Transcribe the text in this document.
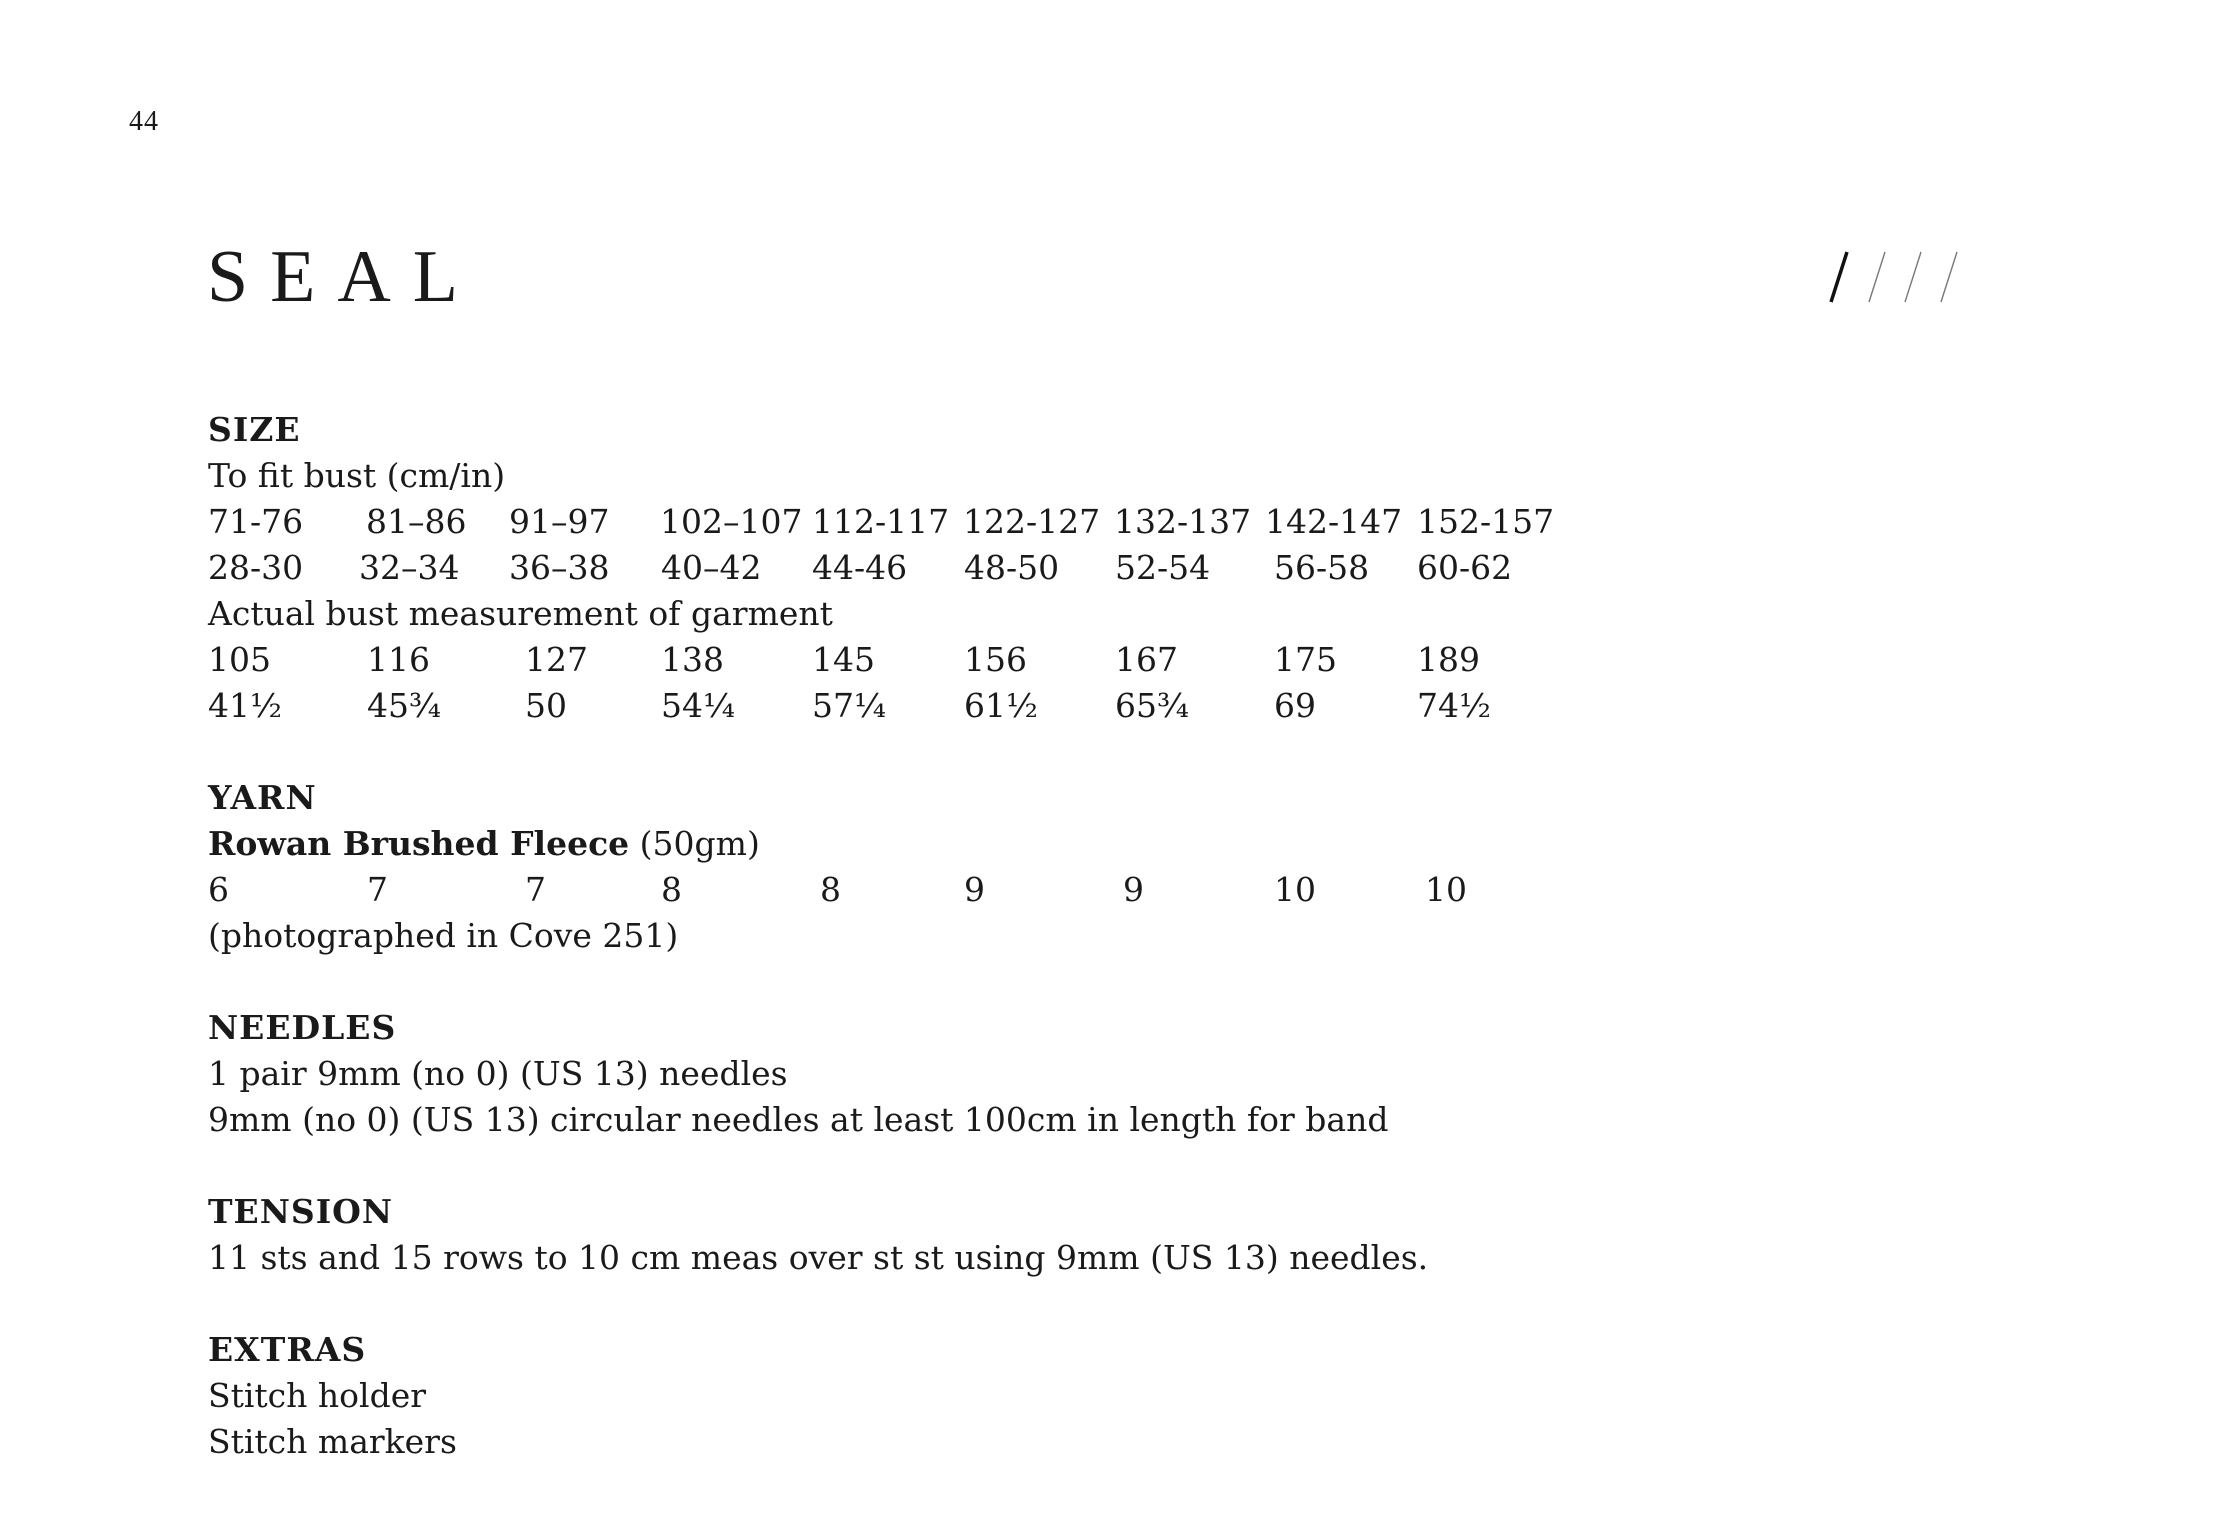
44
SEAL
SIZE
To fit bust (cm/in)
71-76 81–86 91–97 102–107 112-117 122-127 132-137 142-147 152-157
28-30 32–34 36–38 40–42 44-46 48-50 52-54 56-58 60-62
Actual bust measurement of garment
105	116	127 138	145	156	167	175 189
41½	45¾	50	54¼ 57¼ 61½ 65¾	69	74½
YARN
Rowan Brushed Fleece (50gm)
6	7	7	8	8	9	9	10	10
(photographed in Cove 251)
NEEDLES
1 pair 9mm (no 0) (US 13) needles
9mm (no 0) (US 13) circular needles at least 100cm in length for band
TENSION
11 sts and 15 rows to 10 cm meas over st st using 9mm (US 13) needles.
EXTRAS
Stitch holder
Stitch markers
